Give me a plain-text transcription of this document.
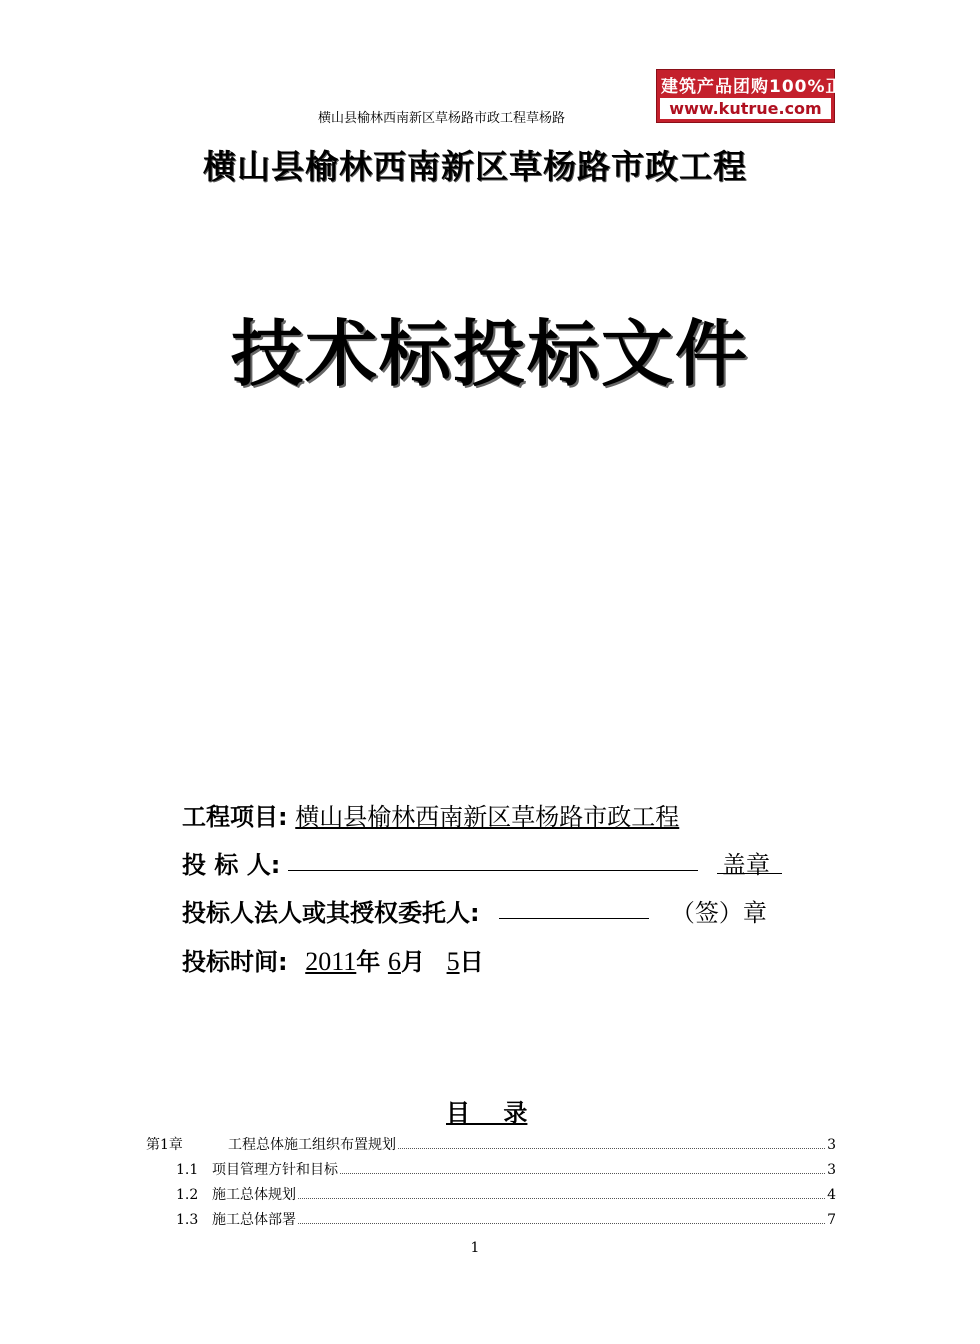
横山县榆林西南新区草杨路市政工程草杨路
建筑产品团购100%正品
www.kutrue.com
横山县榆林西南新区草杨路市政工程
技术标投标文件
工程项目: 横山县榆林西南新区草杨路市政工程
投 标 人:	盖章
投标人法人或其授权委托人:	（签）章
投标时间: 2011年 6月 5日
目    录
第1章	工程总体施工组织布置规划	3
1.1 项目管理方针和目标	3
1.2 施工总体规划	4
1.3 施工总体部署	7
1
